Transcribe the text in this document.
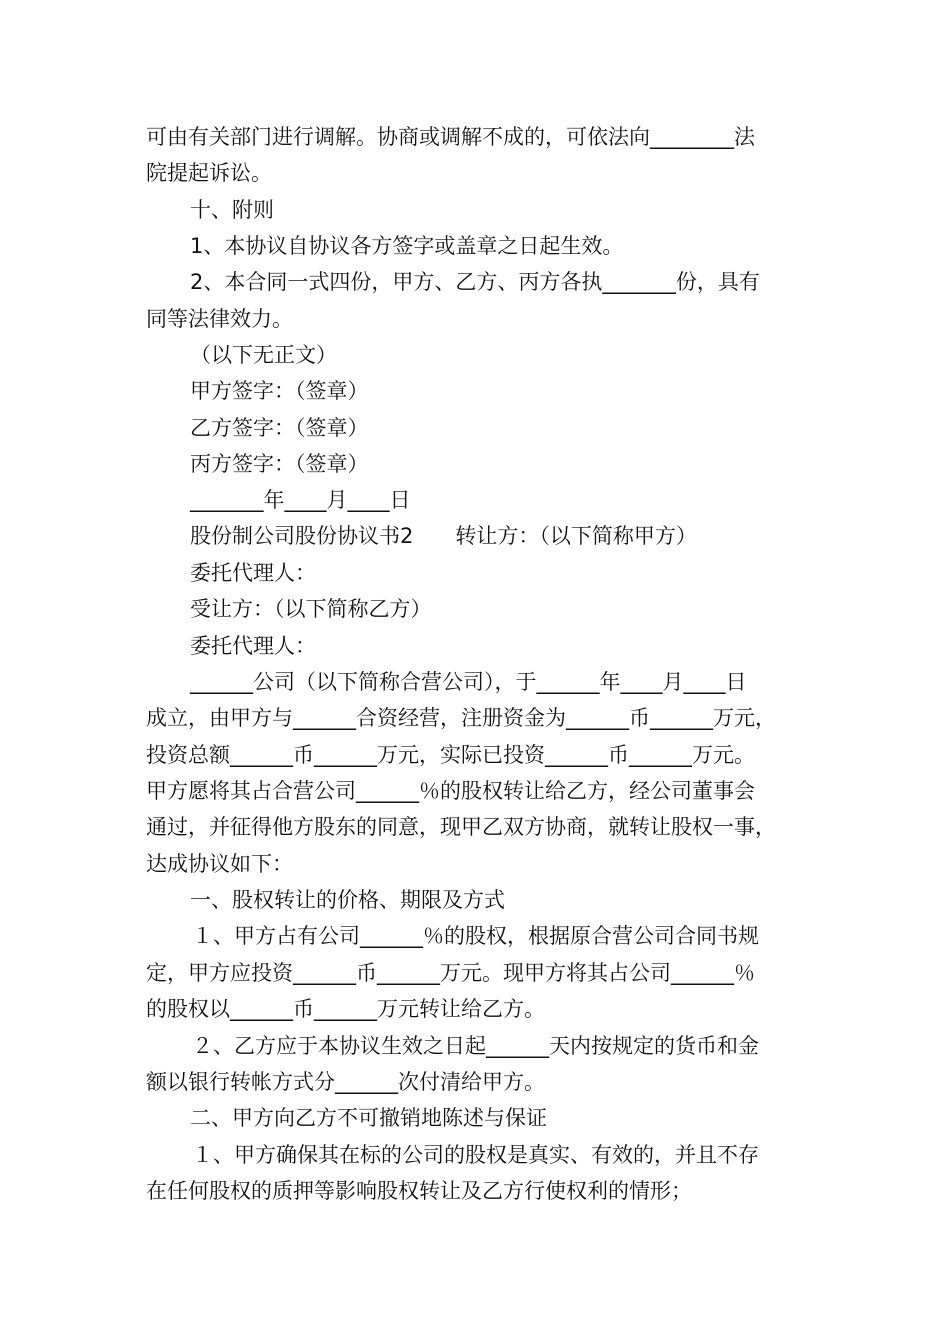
可由有关部门进行调解。协商或调解不成的，可依法向________法
院提起诉讼。
十、附则
1、本协议自协议各方签字或盖章之日起生效。
2、本合同一式四份，甲方、乙方、丙方各执_______份，具有
同等法律效力。
（以下无正文）
甲方签字：（签章）
乙方签字：（签章）
丙方签字：（签章）
_______年____月____日
股份制公司股份协议书2　　转让方：（以下简称甲方）
委托代理人：
受让方：（以下简称乙方）
委托代理人：
______公司（以下简称合营公司），于______年____月____日
成立，由甲方与______合资经营，注册资金为______币______万元，
投资总额______币______万元，实际已投资______币______万元。
甲方愿将其占合营公司______％的股权转让给乙方，经公司董事会
通过，并征得他方股东的同意，现甲乙双方协商，就转让股权一事，
达成协议如下：
一、股权转让的价格、期限及方式
１、甲方占有公司______％的股权，根据原合营公司合同书规
定，甲方应投资______币______万元。现甲方将其占公司______％
的股权以______币______万元转让给乙方。
２、乙方应于本协议生效之日起______天内按规定的货币和金
额以银行转帐方式分______次付清给甲方。
二、甲方向乙方不可撤销地陈述与保证
１、甲方确保其在标的公司的股权是真实、有效的，并且不存
在任何股权的质押等影响股权转让及乙方行使权利的情形；
